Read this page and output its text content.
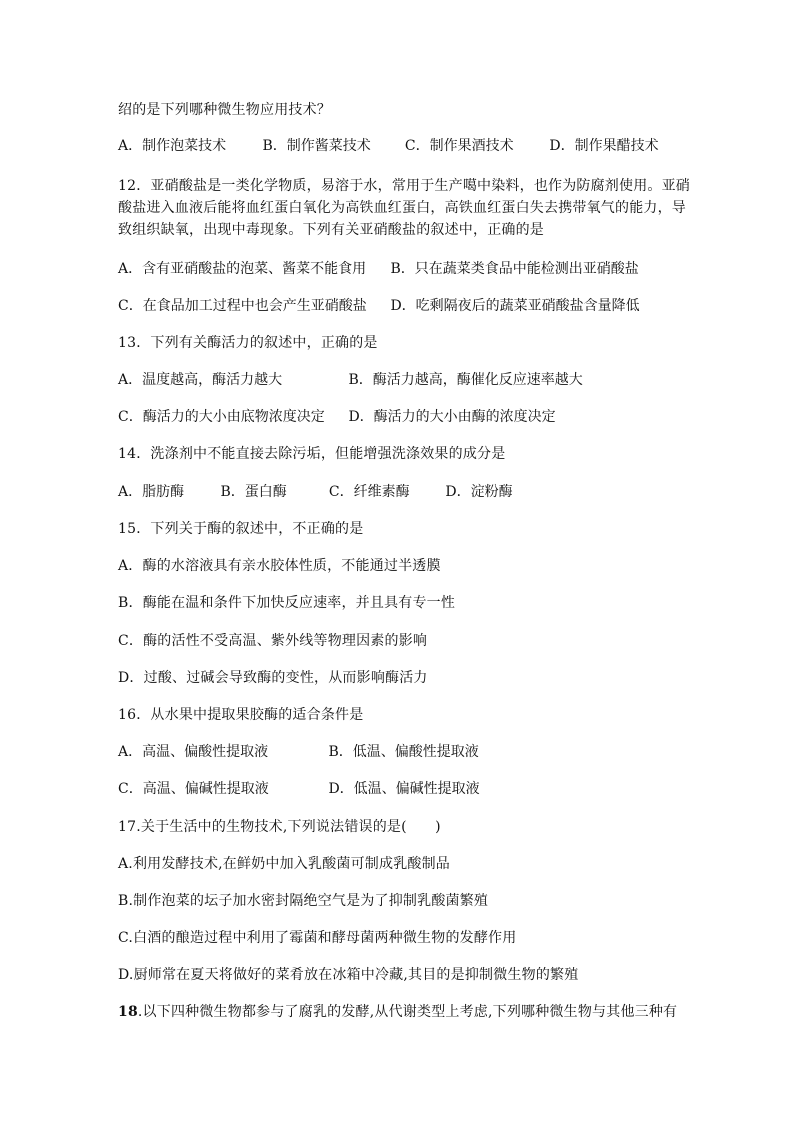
绍的是下列哪种微生物应用技术？
A．制作泡菜技术	B．制作酱菜技术 C．制作果酒技术	D．制作果醋技术
12．亚硝酸盐是一类化学物质，易溶于水，常用于生产噶中染料，也作为防腐剂使用。亚硝
酸盐进入血液后能将血红蛋白氧化为高铁血红蛋白，高铁血红蛋白失去携带氧气的能力，导
致组织缺氧，出现中毒现象。下列有关亚硝酸盐的叙述中，正确的是
A．含有亚硝酸盐的泡菜、酱菜不能食用 B．只在蔬菜类食品中能检测出亚硝酸盐
C．在食品加工过程中也会产生亚硝酸盐 D．吃剩隔夜后的蔬菜亚硝酸盐含量降低
13．下列有关酶活力的叙述中，正确的是
A．温度越高，酶活力越大	B．酶活力越高，酶催化反应速率越大
C．酶活力的大小由底物浓度决定 D．酶活力的大小由酶的浓度决定
14．洗涤剂中不能直接去除污垢，但能增强洗涤效果的成分是
A．脂肪酶	B．蛋白酶	C．纤维素酶	D．淀粉酶
15．下列关于酶的叙述中，不正确的是
A．酶的水溶液具有亲水胶体性质，不能通过半透膜
B．酶能在温和条件下加快反应速率，并且具有专一性
C．酶的活性不受高温、紫外线等物理因素的影响
D．过酸、过碱会导致酶的变性，从而影响酶活力
16．从水果中提取果胶酶的适合条件是
A．高温、偏酸性提取液	B．低温、偏酸性提取液
C．高温、偏碱性提取液	D．低温、偏碱性提取液
17.关于生活中的生物技术,下列说法错误的是(　　)
A.利用发酵技术,在鲜奶中加入乳酸菌可制成乳酸制品
B.制作泡菜的坛子加水密封隔绝空气是为了抑制乳酸菌繁殖
C.白酒的酿造过程中利用了霉菌和酵母菌两种微生物的发酵作用
D.厨师常在夏天将做好的菜肴放在冰箱中冷藏,其目的是抑制微生物的繁殖
18.以下四种微生物都参与了腐乳的发酵,从代谢类型上考虑,下列哪种微生物与其他三种有
